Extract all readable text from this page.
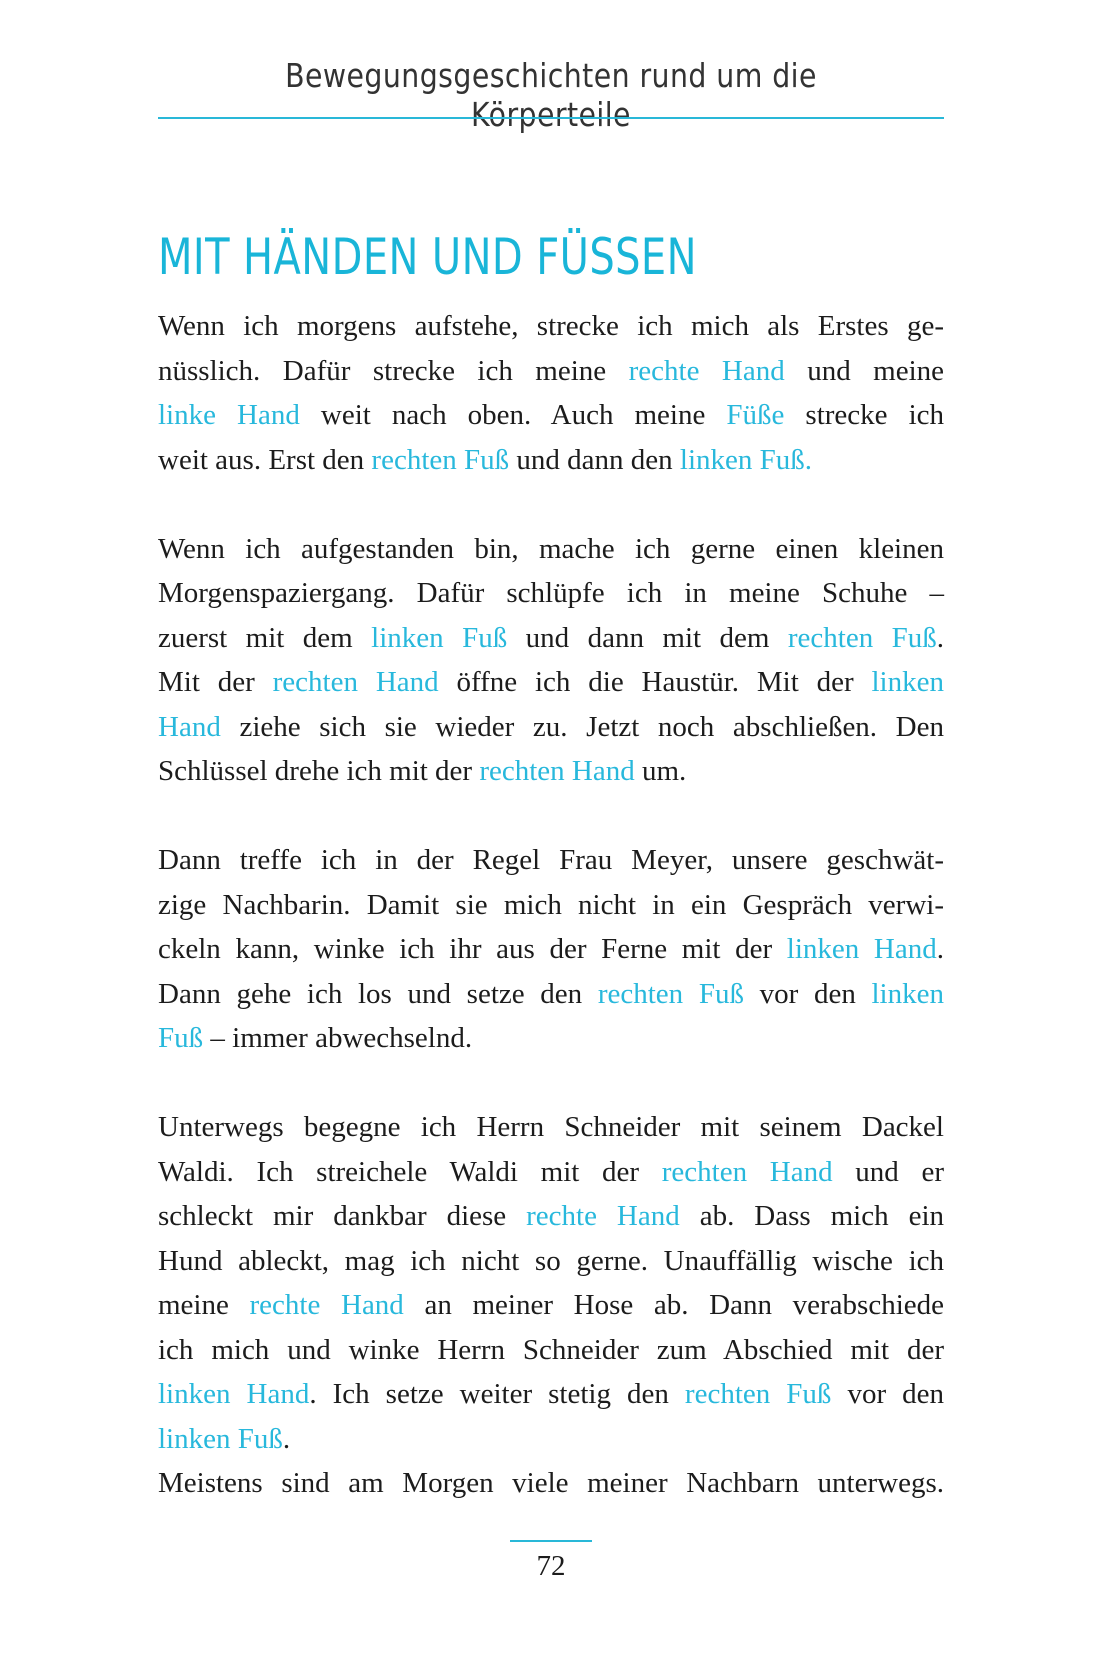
Bewegungsgeschichten rund um die Körperteile
MIT HÄNDEN UND FÜSSEN

Wenn ich morgens aufstehe, strecke ich mich als Erstes ge-
nüsslich. Dafür strecke ich meine rechte Hand und meine
linke Hand weit nach oben. Auch meine Füße strecke ich
weit aus. Erst den rechten Fuß und dann den linken Fuß.

Wenn ich aufgestanden bin, mache ich gerne einen kleinen
Morgenspaziergang. Dafür schlüpfe ich in meine Schuhe –
zuerst mit dem linken Fuß und dann mit dem rechten Fuß.
Mit der rechten Hand öffne ich die Haustür. Mit der linken
Hand ziehe sich sie wieder zu. Jetzt noch abschließen. Den
Schlüssel drehe ich mit der rechten Hand um.

Dann treffe ich in der Regel Frau Meyer, unsere geschwät-
zige Nachbarin. Damit sie mich nicht in ein Gespräch verwi-
ckeln kann, winke ich ihr aus der Ferne mit der linken Hand.
Dann gehe ich los und setze den rechten Fuß vor den linken
Fuß – immer abwechselnd.

Unterwegs begegne ich Herrn Schneider mit seinem Dackel
Waldi. Ich streichele Waldi mit der rechten Hand und er
schleckt mir dankbar diese rechte Hand ab. Dass mich ein
Hund ableckt, mag ich nicht so gerne. Unauffällig wische ich
meine rechte Hand an meiner Hose ab. Dann verabschiede
ich mich und winke Herrn Schneider zum Abschied mit der
linken Hand. Ich setze weiter stetig den rechten Fuß vor den
linken Fuß.

Meistens sind am Morgen viele meiner Nachbarn unterwegs.

72
